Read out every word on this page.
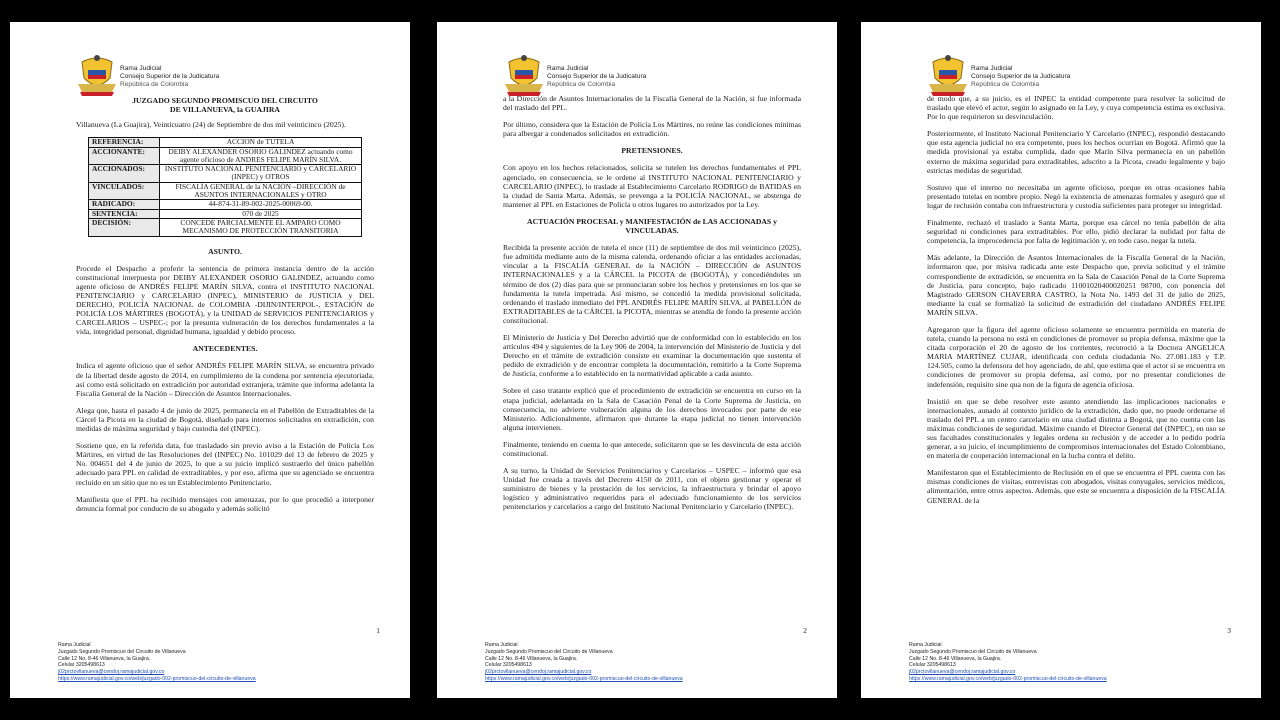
Rama Judicial
Consejo Superior de la Judicatura
República de Colombia
JUZGADO SEGUNDO PROMISCUO DEL CIRCUITO
DE VILLANUEVA, la GUAJIRA

Villanueva (La Guajira), Veinticuatro (24) de Septiembre de dos mil veinticinco (2025).

REFERENCIA:	ACCION de TUTELA
ACCIONANTE:	DEIBY ALEXANDER OSORIO GALINDEZ actuando como agente oficioso de ANDRES FELIPE MARÍN SILVA.
ACCIONADOS:	INSTITUTO NACIONAL PENITENCIARIO y CARCELARIO (INPEC) y OTROS
VINCULADOS:	FISCALÍA GENERAL de la NACIÓN –DIRECCIÓN de ASUNTOS INTERNACIONALES y OTRO
RADICADO:	44-874-31-89-002-2025-00069-00.
SENTENCIA:	070 de 2025
DECISIÓN:	CONCEDE PARCIALMENTE EL AMPARO COMO MECANISMO DE PROTECCIÓN TRANSITORIA

ASUNTO.

Procede el Despacho a proferir la sentencia de primera instancia dentro de la acción constitucional interpuesta por DEIBY ALEXANDER OSORIO GALINDEZ, actuando como agente oficioso de ANDRÉS FELIPE MARÍN SILVA, contra el INSTITUTO NACIONAL PENITENCIARIO y CARCELARIO (INPEC), MINISTERIO de JUSTICIA y DEL DERECHO, POLICÍA NACIONAL de COLOMBIA -DIJIN/INTERPOL-, ESTACIÓN de POLICÍA LOS MÁRTIRES (BOGOTÁ), y la UNIDAD de SERVICIOS PENITENCIARIOS y CARCELARIOS – USPEC-; por la presunta vulneración de los derechos fundamentales a la vida, integridad personal, dignidad humana, igualdad y debido proceso.

ANTECEDENTES.

Indica el agente oficioso que el señor ANDRÉS FELIPE MARÍN SILVA, se encuentra privado de la libertad desde agosto de 2014, en cumplimiento de la condena por sentencia ejecutoriada, así como está solicitado en extradición por autoridad extranjera, trámite que informa adelanta la Fiscalía General de la Nación – Dirección de Asuntos Internacionales.

Alega que, hasta el pasado 4 de junio de 2025, permanecía en el Pabellón de Extraditables de la Cárcel la Picota en la ciudad de Bogotá, diseñado para internos solicitados en extradición, con medidas de máxima seguridad y bajo custodia del (INPEC).

Sostiene que, en la referida data, fue trasladado sin previo aviso a la Estación de Policía Los Mártires, en virtud de las Resoluciones del (INPEC) No. 101029 del 13 de febrero de 2025 y No. 004651 del 4 de junio de 2025, lo que a su juicio implicó sustraerlo del único pabellón adecuado para PPL en calidad de extraditables, y por eso, afirma que su agenciado se encuentra recluido en un sitio que no es un Establecimiento Penitenciario.

Manifiesta que el PPL ha recibido mensajes con amenazas, por lo que procedió a interponer denuncia formal por conducto de su abogado y además solicitó

1
Rama Judicial
Juzgado Segundo Promiscuo del Circuito de Villanueva
Calle 12 No. 8-46 Villanueva, la Guajira.
Celular 3205498613
j02prctovllanueva@cendoj.ramajudicial.gov.co
https://www.ramajudicial.gov.co/web/juzgado-002-promiscuo-del-circuito-de-villanueva
Rama Judicial
Consejo Superior de la Judicatura
República de Colombia

a la Dirección de Asuntos Internacionales de la Fiscalía General de la Nación, si fue informada del traslado del PPL.

Por último, considera que la Estación de Policía Los Mártires, no reúne las condiciones mínimas para albergar a condenados solicitados en extradición.

PRETENSIONES.

Con apoyo en los hechos relacionados, solicita se tutelen los derechos fundamentales el PPL agenciado, en consecuencia, se le ordene al INSTITUTO NACIONAL PENITENCIARIO y CARCELARIO (INPEC), lo traslade al Establecimiento Carcelario RODRIGO de BATIDAS en la ciudad de Santa Marta. Además, se prevenga a la POLICÍA NACIONAL, se abstenga de mantener al PPL en Estaciones de Policía u otros lugares no autorizados por la Ley.

ACTUACIÓN PROCESAL y MANIFESTACIÓN de LAS ACCIONADAS y VINCULADAS.

Recibida la presente acción de tutela el once (11) de septiembre de dos mil veinticinco (2025), fue admitida mediante auto de la misma calenda, ordenando oficiar a las entidades accionadas, vincular a la FISCALÍA GENERAL de la NACIÓN – DIRECCIÓN de ASUNTOS INTERNACIONALES y a la CÁRCEL la PICOTA de (BOGOTÁ), y concediéndoles un término de dos (2) días para que se pronunciaran sobre los hechos y pretensiones en los que se fundamenta la tutela impetrada. Así mismo, se concedió la medida provisional solicitada, ordenando el traslado inmediato del PPL ANDRÉS FELIPE MARÍN SILVA, al PABELLÓN de EXTRADITABLES de la CÁRCEL la PICOTA, mientras se atendía de fondo la presente acción constitucional.

El Ministerio de Justicia y Del Derecho advirtió que de conformidad con lo establecido en los artículos 494 y siguientes de la Ley 906 de 2004, la intervención del Ministerio de Justicia y del Derecho en el trámite de extradición consiste en examinar la documentación que sustenta el pedido de extradición y de encontrar completa la documentación, remitirlo a la Corte Suprema de Justicia, conforme a lo establecido en la normatividad aplicable a cada asunto.

Sobre el caso tratante explicó que el procedimiento de extradición se encuentra en curso en la etapa judicial, adelantada en la Sala de Casación Penal de la Corte Suprema de Justicia, en consecuencia, no advierte vulneración alguna de los derechos invocados por parte de ese Ministerio. Adicionalmente, afirmaron que durante la etapa judicial no tienen intervención alguna intervienen.

Finalmente, teniendo en cuenta lo que antecede, solicitaron que se les desvincula de esta acción constitucional.

A su turno, la Unidad de Servicios Penitenciarios y Carcelarios – USPEC – informó que esa Unidad fue creada a través del Decreto 4150 de 2011, con el objeto gestionar y operar el suministro de bienes y la prestación de los servicios, la infraestructura y brindar el apoyo logístico y administrativo requeridos para el adecuado funcionamiento de los servicios penitenciarios y carcelarios a cargo del Instituto Nacional Penitenciario y Carcelario (INPEC).

2
Rama Judicial
Juzgado Segundo Promiscuo del Circuito de Villanueva
Calle 12 No. 8-46 Villanueva, la Guajira.
Celular 3205498613
j02prctovllanueva@cendoj.ramajudicial.gov.co
https://www.ramajudicial.gov.co/web/juzgado-002-promiscuo-del-circuito-de-villanueva
Rama Judicial
Consejo Superior de la Judicatura
República de Colombia

de modo que, a su juicio, es el INPEC la entidad competente para resolver la solicitud de traslado que elevó el actor, según lo asignado en la Ley, y cuya competencia estima es exclusiva. Por lo que requirieron su desvinculación.

Posteriormente, el Instituto Nacional Penitenciario Y Carcelario (INPEC), respondió destacando que esta agencia judicial no era competente, pues los hechos ocurrían en Bogotá. Afirmó que la medida provisional ya estaba cumplida, dado que Marín Silva permanecía en un pabellón externo de máxima seguridad para extraditables, adscrito a la Picota, creado legalmente y bajo estrictas medidas de seguridad.

Sostuvo que el interno no necesitaba un agente oficioso, porque en otras ocasiones había presentado tutelas en nombre propio. Negó la existencia de amenazas formales y aseguró que el lugar de reclusión contaba con infraestructura y custodia suficientes para proteger su integridad.

Finalmente, rechazó el traslado a Santa Marta, porque esa cárcel no tenía pabellón de alta seguridad ni condiciones para extraditables. Por ello, pidió declarar la nulidad por falta de competencia, la improcedencia por falta de legitimación y, en todo caso, negar la tutela.

Más adelante, la Dirección de Asuntos Internacionales de la Fiscalía General de la Nación, informaron que, por misiva radicada ante este Despacho que, previa solicitud y el trámite correspondiente de extradición, se encuentra en la Sala de Casación Penal de la Corte Suprema de Justicia, para concepto, bajo radicado 11001020400020251 98700, con ponencia del Magistrado GERSON CHAVERRA CASTRO, la Nota No. 1493 del 31 de julio de 2025, mediante la cual se formalizó la solicitud de extradición del ciudadano ANDRÉS FELIPE MARÍN SILVA.

Agregaron que la figura del agente oficioso solamente se encuentra permitida en materia de tutela, cuando la persona no está en condiciones de promover su propia defensa, máxime que la citada corporación el 20 de agosto de los corrientes, reconoció a la Doctora ANGELICA MARIA MARTÍNEZ CUJAR, identificada con cedula ciudadanía No. 27.081.183 y T.P. 124.505, como la defensora del hoy agenciado, de ahí, que estima que el actor sí se encuentra en condiciones de promover su propia defensa, así como, por no presentar condiciones de indefensión, requisito sine qua non de la figura de agencia oficiosa.

Insistió en que se debe resolver este asunto atendiendo las implicaciones nacionales e internacionales, aunado al contexto jurídico de la extradición, dado que, no puede ordenarse el traslado del PPL a un centro carcelario en una ciudad distinta a Bogotá, que no cuenta con las máximas condiciones de seguridad. Máxime cuando el Director General del (INPEC), en uso se sus facultades constitucionales y legales ordena su reclusión y de acceder a lo pedido podría generar, a su juicio, el incumplimiento de compromisos internacionales del Estado Colombiano, en materia de cooperación internacional en la lucha contra el delito.

Manifestaron que el Establecimiento de Reclusión en el que se encuentra el PPL cuenta con las mismas condiciones de visitas, entrevistas con abogados, visitas conyugales, servicios médicos, alimentación, entre otros aspectos. Además, que este se encuentra a disposición de la FISCALÍA GENERAL de la

3
Rama Judicial
Juzgado Segundo Promiscuo del Circuito de Villanueva
Calle 12 No. 8-46 Villanueva, la Guajira.
Celular 3205498613
j02prctovllanueva@cendoj.ramajudicial.gov.co
https://www.ramajudicial.gov.co/web/juzgado-002-promiscuo-del-circuito-de-villanueva
